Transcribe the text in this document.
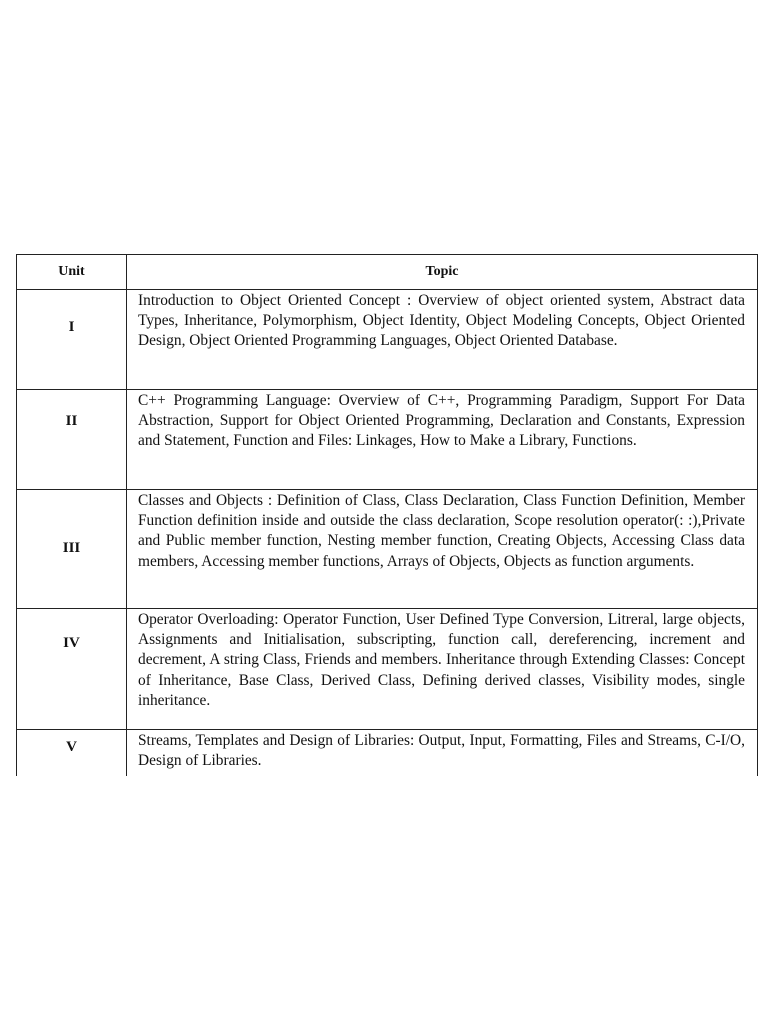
Unit	Topic

I	Introduction to Object Oriented Concept : Overview of object oriented system, Abstract data Types, Inheritance, Polymorphism, Object Identity, Object Modeling Concepts, Object Oriented Design, Object Oriented Programming Languages, Object Oriented Database.

II	C++ Programming Language: Overview of C++, Programming Paradigm, Support For Data Abstraction, Support for Object Oriented Programming, Declaration and Constants, Expression and Statement, Function and Files: Linkages, How to Make a Library, Functions.

III	Classes and Objects : Definition of Class, Class Declaration, Class Function Definition, Member Function definition inside and outside the class declaration, Scope resolution operator(: :),Private and Public member function, Nesting member function, Creating Objects, Accessing Class data members, Accessing member functions, Arrays of Objects, Objects as function arguments.

IV	Operator Overloading: Operator Function, User Defined Type Conversion, Litreral, large objects, Assignments and Initialisation, subscripting, function call, dereferencing, increment and decrement, A string Class, Friends and members. Inheritance through Extending Classes: Concept of Inheritance, Base Class, Derived Class, Defining derived classes, Visibility modes, single inheritance.

V	Streams, Templates and Design of Libraries: Output, Input, Formatting, Files and Streams, C-I/O, Design of Libraries.
